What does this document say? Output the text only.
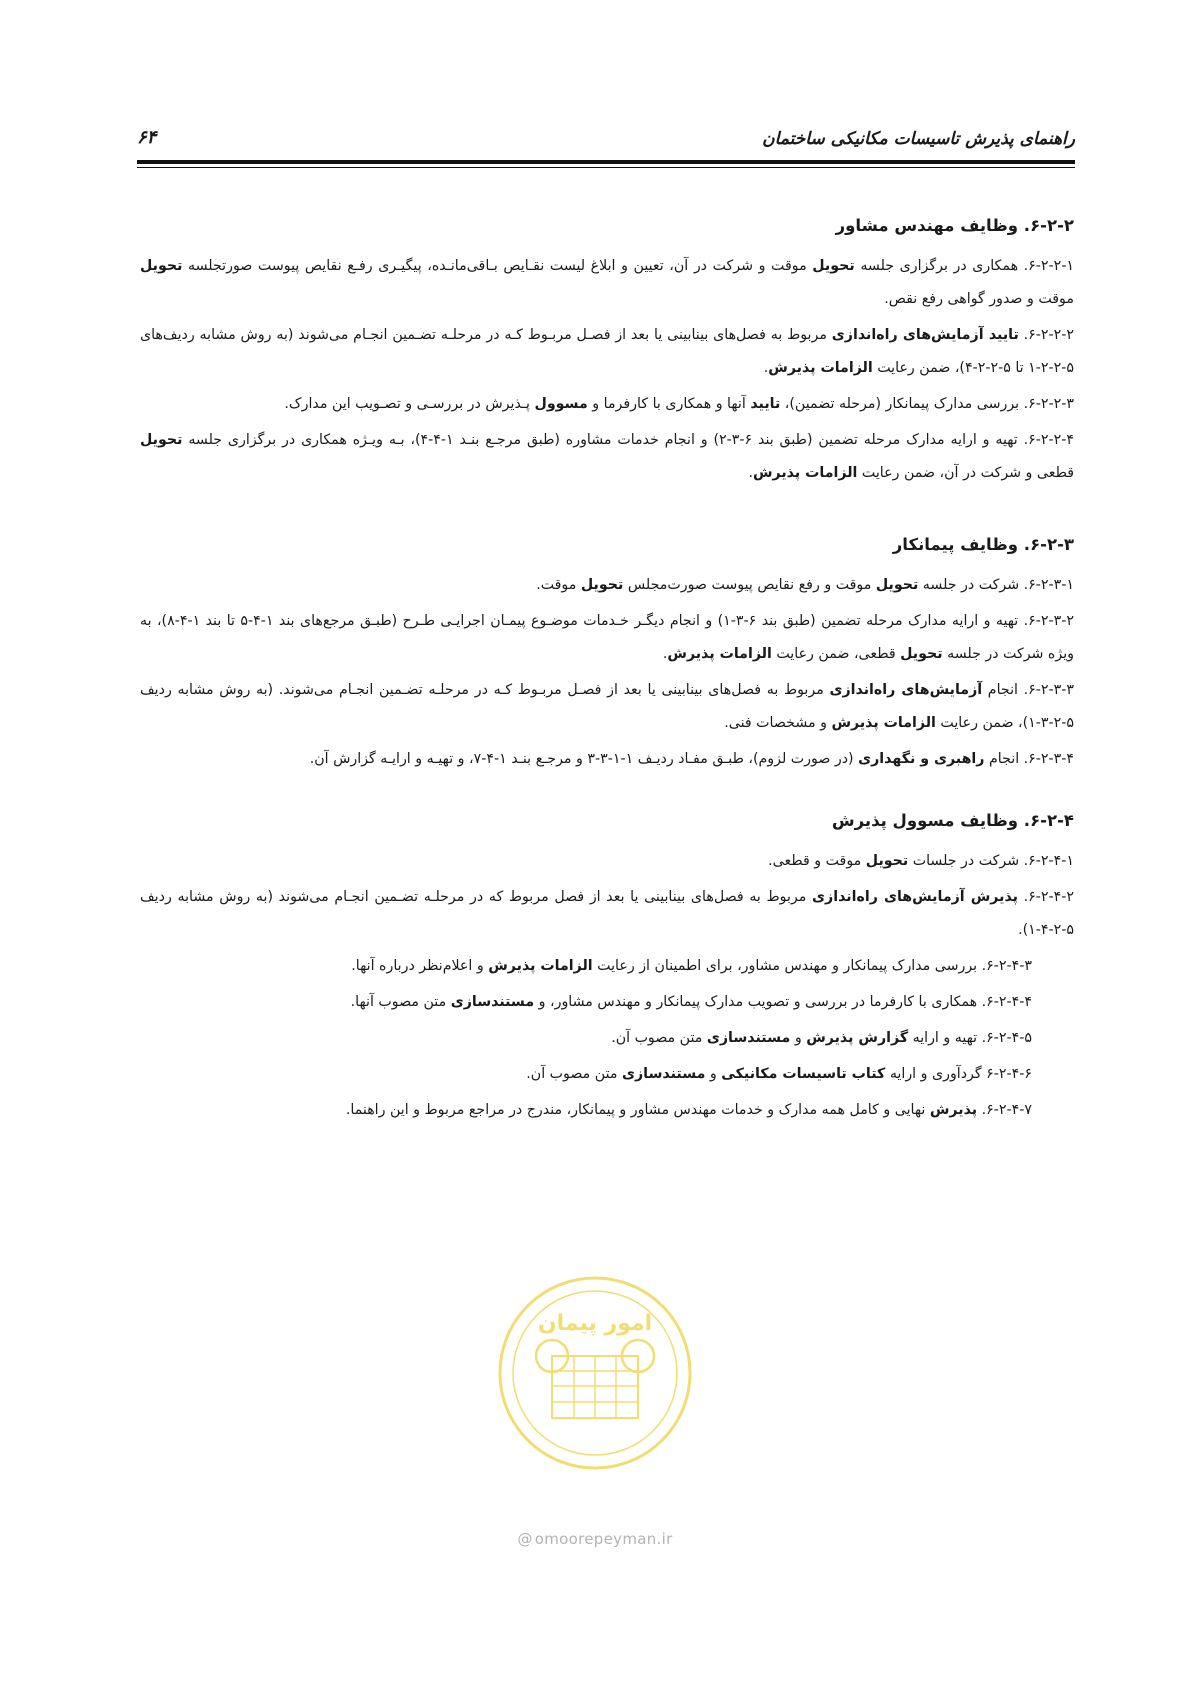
راهنمای پذیرش تاسیسات مکانیکی ساختمان
۶۴
۶-۲-۲. وظایف مهندس مشاور

۶-۲-۲-۱. همکاری در برگزاری جلسه تحویل موقت و شرکت در آن، تعیین و ابلاغ لیست نقـایص بـاقی‌مانـده، پیگیـری رفـع نقایص پیوست صورتجلسه تحویل موقت و صدور گواهی رفع نقص.

۶-۲-۲-۲. تایید آزمایش‌های راه‌اندازی مربوط به فصل‌های بینابینی یا بعد از فصـل مربـوط کـه در مرحلـه تضـمین انجـام می‌شوند (به روش مشابه ردیف‌های ۵-۲-۲-۱ تا ۵-۲-۲-۴)، ضمن رعایت الزامات پذیرش.

۶-۲-۲-۳. بررسی مدارک پیمانکار (مرحله تضمین)، تایید آنها و همکاری با کارفرما و مسوول پـذیرش در بررسـی و تصـویب این مدارک.

۶-۲-۲-۴. تهیه و ارایه مدارک مرحله تضمین (طبق بند ۶-۳-۲) و انجام خدمات مشاوره (طبق مرجـع بنـد ۱-۴-۴)، بـه ویـژه همکاری در برگزاری جلسه تحویل قطعی و شرکت در آن، ضمن رعایت الزامات پذیرش.

۶-۲-۳. وظایف پیمانکار

۶-۲-۳-۱. شرکت در جلسه تحویل موقت و رفع نقایص پیوست صورت‌مجلس تحویل موقت.

۶-۲-۳-۲. تهیه و ارایه مدارک مرحله تضمین (طبق بند ۶-۳-۱) و انجام دیگـر خـدمات موضـوع پیمـان اجرایـی طـرح (طبـق مرجع‌های بند ۱-۴-۵ تا بند ۱-۴-۸)، به ویژه شرکت در جلسه تحویل قطعی، ضمن رعایت الزامات پذیرش.

۶-۲-۳-۳. انجام آزمایش‌های راه‌اندازی مربوط به فصل‌های بینابینی یا بعد از فصـل مربـوط کـه در مرحلـه تضـمین انجـام می‌شوند. (به روش مشابه ردیف ۵-۲-۳-۱)، ضمن رعایت الزامات پذیرش و مشخصات فنی.

۶-۲-۳-۴. انجام راهبری و نگهداری (در صورت لزوم)، طبـق مفـاد ردیـف ۱-۱-۳-۳ و مرجـع بنـد ۱-۴-۷، و تهیـه و ارایـه گزارش آن.

۶-۲-۴. وظایف مسوول پذیرش

۶-۲-۴-۱. شرکت در جلسات تحویل موقت و قطعی.

۶-۲-۴-۲. پذیرش آزمایش‌های راه‌اندازی مربوط به فصل‌های بینابینی یا بعد از فصل مربوط که در مرحلـه تضـمین انجـام می‌شوند (به روش مشابه ردیف ۵-۲-۴-۱).

۶-۲-۴-۳. بررسی مدارک پیمانکار و مهندس مشاور، برای اطمینان از رعایت الزامات پذیرش و اعلام‌نظر درباره آنها.

۶-۲-۴-۴. همکاری با کارفرما در بررسی و تصویب مدارک پیمانکار و مهندس مشاور، و مستندسازی متن مصوب آنها.

۶-۲-۴-۵. تهیه و ارایه گزارش پذیرش و مستندسازی متن مصوب آن.

۶-۲-۴-۶ گردآوری و ارایه کتاب تاسیسات مکانیکی و مستندسازی متن مصوب آن.

۶-۲-۴-۷. پذیرش نهایی و کامل همه مدارک و خدمات مهندس مشاور و پیمانکار، مندرج در مراجع مربوط و این راهنما.

امور پیمان
@ omoorepeyman.ir
